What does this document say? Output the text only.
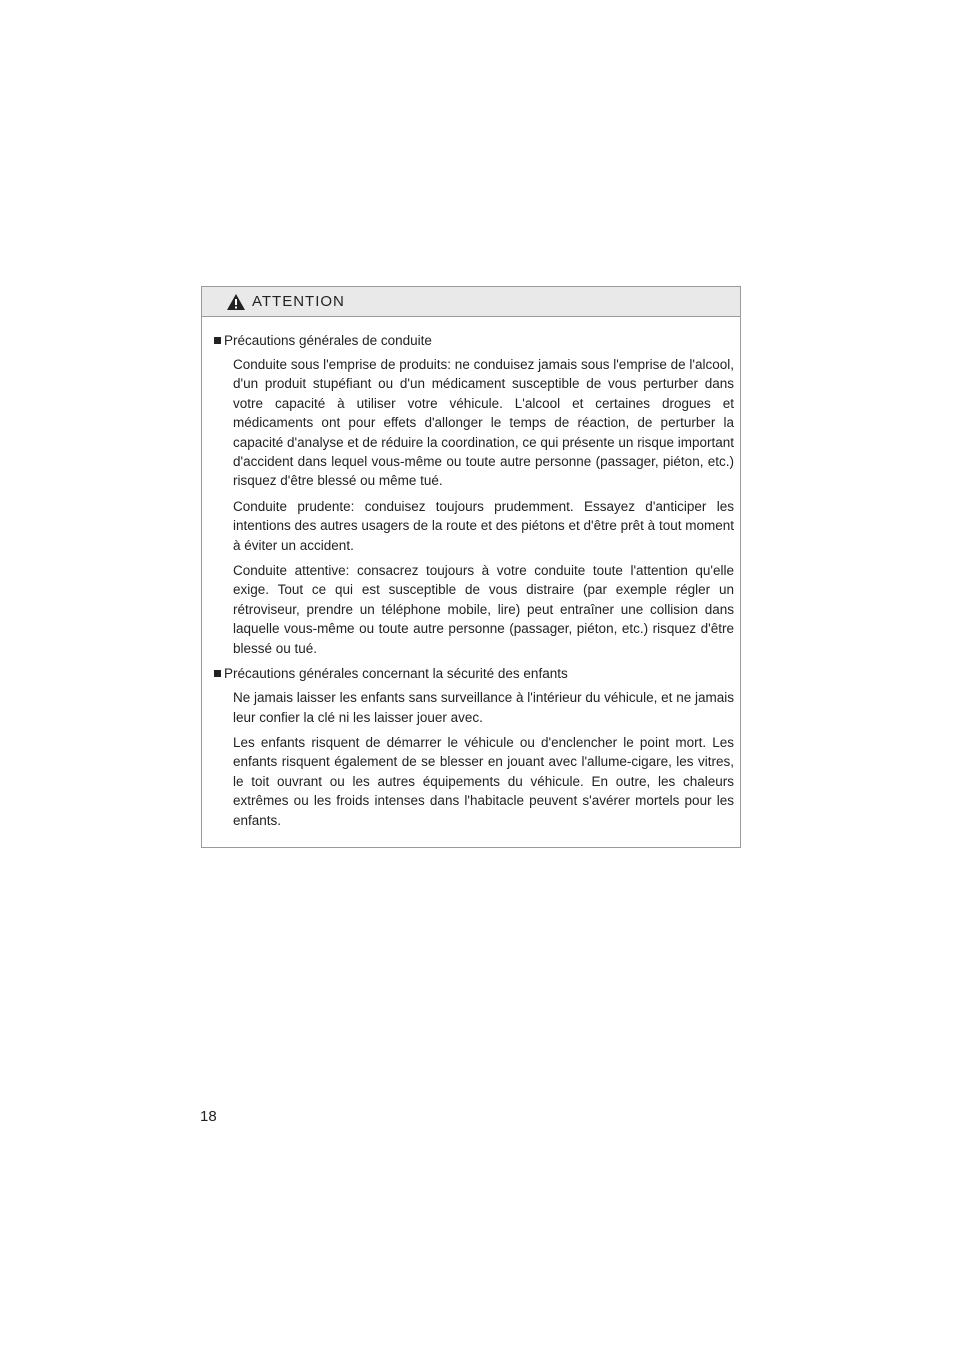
ATTENTION
Précautions générales de conduite

Conduite sous l'emprise de produits: ne conduisez jamais sous l'emprise de l'alcool, d'un produit stupéfiant ou d'un médicament susceptible de vous perturber dans votre capacité à utiliser votre véhicule. L'alcool et certaines drogues et médicaments ont pour effets d'allonger le temps de réaction, de perturber la capacité d'analyse et de réduire la coordination, ce qui présente un risque important d'accident dans lequel vous-même ou toute autre personne (passager, piéton, etc.) risquez d'être blessé ou même tué.

Conduite prudente: conduisez toujours prudemment. Essayez d'anticiper les intentions des autres usagers de la route et des piétons et d'être prêt à tout moment à éviter un accident.

Conduite attentive: consacrez toujours à votre conduite toute l'attention qu'elle exige. Tout ce qui est susceptible de vous distraire (par exemple régler un rétroviseur, prendre un téléphone mobile, lire) peut entraîner une collision dans laquelle vous-même ou toute autre personne (passager, piéton, etc.) risquez d'être blessé ou tué.

Précautions générales concernant la sécurité des enfants

Ne jamais laisser les enfants sans surveillance à l'intérieur du véhicule, et ne jamais leur confier la clé ni les laisser jouer avec.

Les enfants risquent de démarrer le véhicule ou d'enclencher le point mort. Les enfants risquent également de se blesser en jouant avec l'allume-cigare, les vitres, le toit ouvrant ou les autres équipements du véhicule. En outre, les chaleurs extrêmes ou les froids intenses dans l'habitacle peuvent s'avérer mortels pour les enfants.

18
